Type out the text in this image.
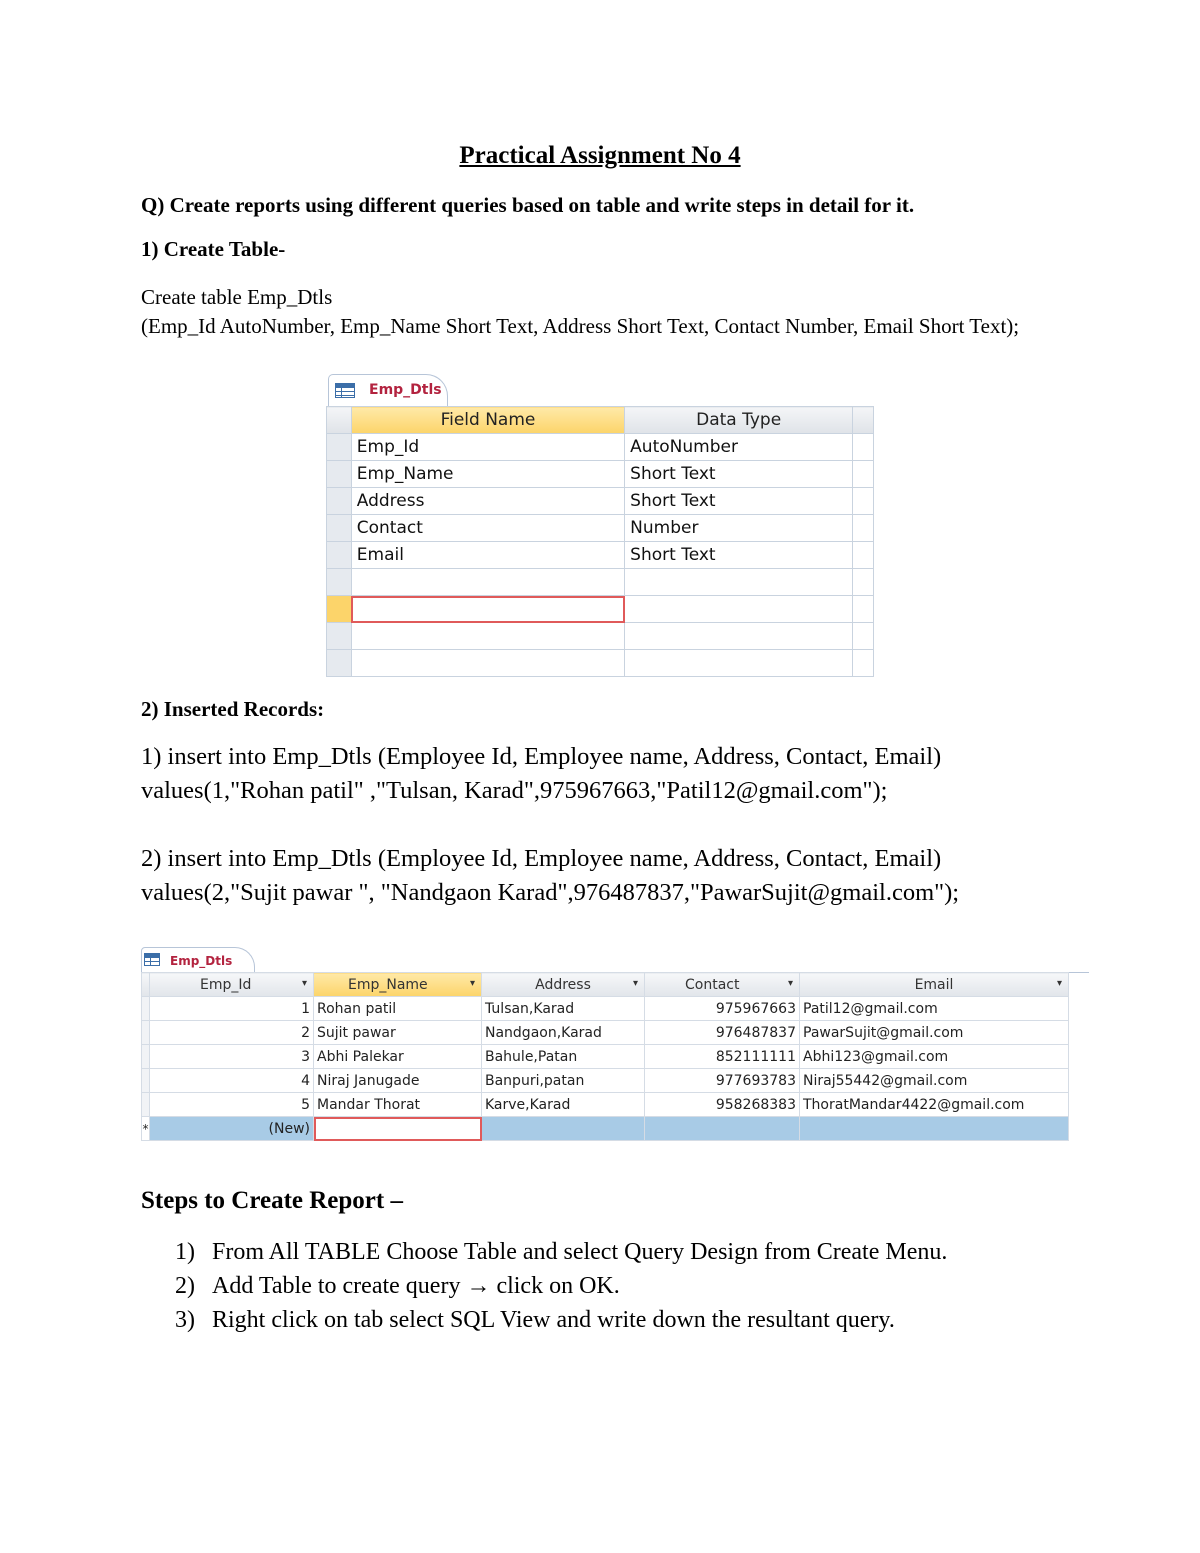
Practical Assignment No 4
Q) Create reports using different queries based on table and write steps in detail for it.
1) Create Table-
Create table Emp_Dtls
(Emp_Id AutoNumber, Emp_Name Short Text, Address Short Text, Contact Number, Email Short Text);
Emp_Dtls
	Field Name	Data Type	
	Emp_Id	AutoNumber	
	Emp_Name	Short Text	
	Address	Short Text	
	Contact	Number	
	Email	Short Text	

2) Inserted Records:
1) insert into Emp_Dtls (Employee Id, Employee name, Address, Contact, Email)
values(1,"Rohan patil" ,"Tulsan, Karad",975967663,"Patil12@gmail.com");
2) insert into Emp_Dtls (Employee Id, Employee name, Address, Contact, Email)
values(2,"Sujit pawar ", "Nandgaon Karad",976487837,"PawarSujit@gmail.com");
Emp_Dtls
	Emp_Id ▾	Emp_Name ▾	Address ▾	Contact ▾	Email ▾

	1	Rohan patil	Tulsan,Karad	975967663	Patil12@gmail.com
	2	Sujit pawar	Nandgaon,Karad	976487837	PawarSujit@gmail.com
	3	Abhi Palekar	Bahule,Patan	852111111	Abhi123@gmail.com
	4	Niraj Janugade	Banpuri,patan	977693783	Niraj55442@gmail.com
	5	Mandar Thorat	Karve,Karad	958268383	ThoratMandar4422@gmail.com
*	(New)				
Steps to Create Report –
1) From All TABLE Choose Table and select Query Design from Create Menu.
2) Add Table to create query → click on OK.
3) Right click on tab select SQL View and write down the resultant query.
